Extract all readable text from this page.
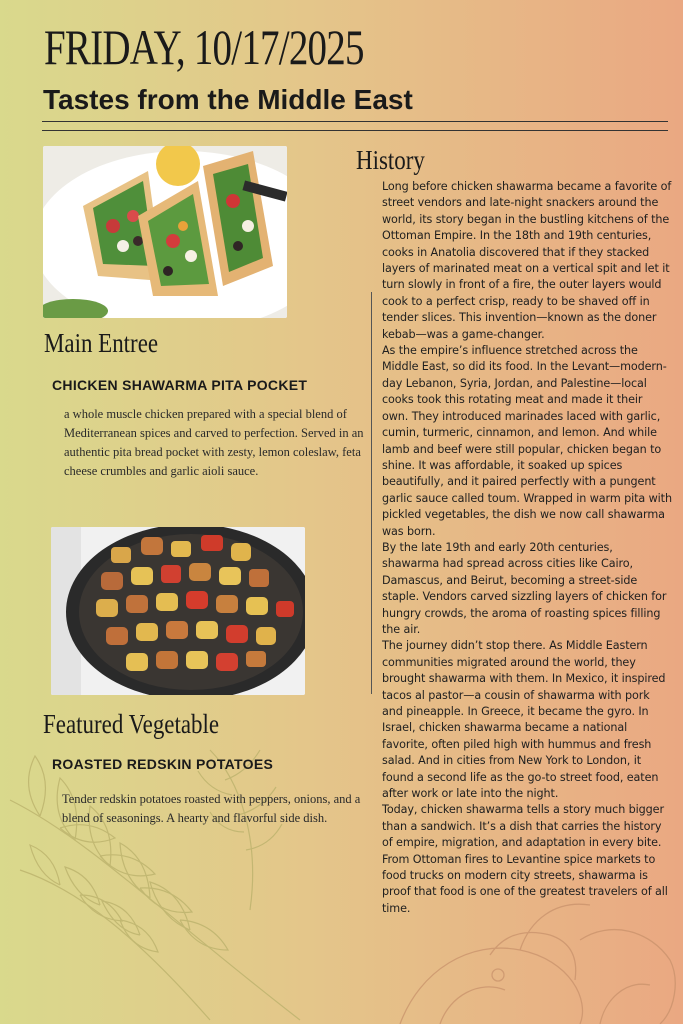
FRIDAY, 10/17/2025
Tastes from the Middle East
Main Entree
CHICKEN SHAWARMA PITA POCKET
a whole muscle chicken prepared with a special blend of Mediterranean spices and carved to perfection. Served in an authentic pita bread pocket with zesty, lemon coleslaw, feta cheese crumbles and garlic aioli sauce.
Featured Vegetable
ROASTED REDSKIN POTATOES
Tender redskin potatoes roasted with peppers, onions, and a blend of seasonings. A hearty and flavorful side dish.
History

Long before chicken shawarma became a favorite of street vendors and late-night snackers around the world, its story began in the bustling kitchens of the Ottoman Empire. In the 18th and 19th centuries, cooks in Anatolia discovered that if they stacked layers of marinated meat on a vertical spit and let it turn slowly in front of a fire, the outer layers would cook to a perfect crisp, ready to be shaved off in tender slices. This invention—known as the doner kebab—was a game-changer.

As the empire’s influence stretched across the Middle East, so did its food. In the Levant—modern-day Lebanon, Syria, Jordan, and Palestine—local cooks took this rotating meat and made it their own. They introduced marinades laced with garlic, cumin, turmeric, cinnamon, and lemon. And while lamb and beef were still popular, chicken began to shine. It was affordable, it soaked up spices beautifully, and it paired perfectly with a pungent garlic sauce called toum. Wrapped in warm pita with pickled vegetables, the dish we now call shawarma was born.

By the late 19th and early 20th centuries, shawarma had spread across cities like Cairo, Damascus, and Beirut, becoming a street-side staple. Vendors carved sizzling layers of chicken for hungry crowds, the aroma of roasting spices filling the air.

The journey didn’t stop there. As Middle Eastern communities migrated around the world, they brought shawarma with them. In Mexico, it inspired tacos al pastor—a cousin of shawarma with pork and pineapple. In Greece, it became the gyro. In Israel, chicken shawarma became a national favorite, often piled high with hummus and fresh salad. And in cities from New York to London, it found a second life as the go-to street food, eaten after work or late into the night.

Today, chicken shawarma tells a story much bigger than a sandwich. It’s a dish that carries the history of empire, migration, and adaptation in every bite. From Ottoman fires to Levantine spice markets to food trucks on modern city streets, shawarma is proof that food is one of the greatest travelers of all time.
